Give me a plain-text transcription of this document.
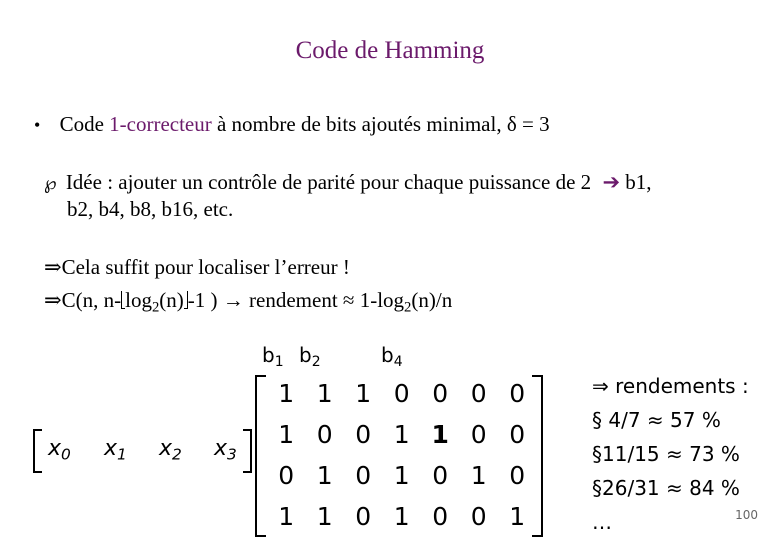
Code de Hamming
• Code 1-correcteur à nombre de bits ajoutés minimal, δ = 3
℘ Idée : ajouter un contrôle de parité pour chaque puissance de 2 ➔ b1,
b2, b4, b8, b16, etc.
⇒Cela suffit pour localiser l’erreur !
⇒C(n, n- $\log_2(n)$ -1 ) → rendement ≈ $1-\log_2(n)/n$
$b_1$ $b_2$	$b_4$
$x_0$ $x_1$ $x_2$ $x_3$
1	1	1	0	0	0	0
1	0	0	1	1	0	0
0	1	0	1	0	1	0
1	1	0	1	0	0	1
⇒ rendements :
§ 4/7 ≈ 57 %
§11/15 ≈ 73 %
§26/31 ≈ 84 %
…	100
